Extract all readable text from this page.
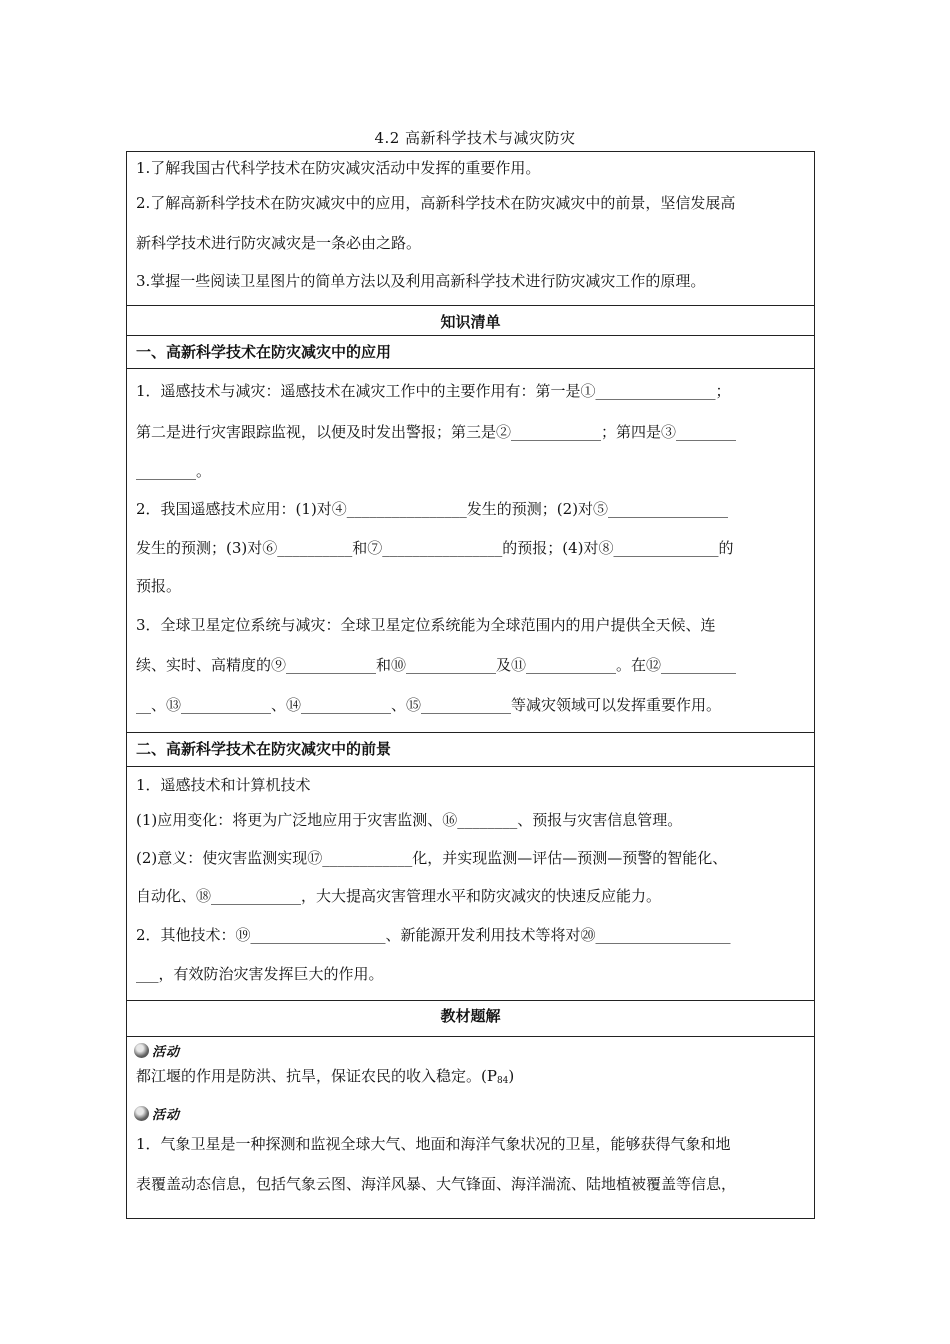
4.2 高新科学技术与减灾防灾
1.了解我国古代科学技术在防灾减灾活动中发挥的重要作用。
2.了解高新科学技术在防灾减灾中的应用，高新科学技术在防灾减灾中的前景，坚信发展高
新科学技术进行防灾减灾是一条必由之路。
3.掌握一些阅读卫星图片的简单方法以及利用高新科学技术进行防灾减灾工作的原理。
知识清单
一、高新科学技术在防灾减灾中的应用
1．遥感技术与减灾：遥感技术在减灾工作中的主要作用有：第一是①________________；
第二是进行灾害跟踪监视，以便及时发出警报；第三是②____________；第四是③________
________。
2．我国遥感技术应用：(1)对④________________发生的预测；(2)对⑤________________
发生的预测；(3)对⑥__________和⑦________________的预报；(4)对⑧______________的
预报。
3．全球卫星定位系统与减灾：全球卫星定位系统能为全球范围内的用户提供全天候、连
续、实时、高精度的⑨____________和⑩____________及⑪____________。在⑫__________
__、⑬____________、⑭____________、⑮____________等减灾领域可以发挥重要作用。
二、高新科学技术在防灾减灾中的前景
1．遥感技术和计算机技术
(1)应用变化：将更为广泛地应用于灾害监测、⑯________、预报与灾害信息管理。
(2)意义：使灾害监测实现⑰____________化，并实现监测—评估—预测—预警的智能化、
自动化、⑱____________，大大提高灾害管理水平和防灾减灾的快速反应能力。
2．其他技术：⑲__________________、新能源开发利用技术等将对⑳__________________
___，有效防治灾害发挥巨大的作用。
教材题解
活动
都江堰的作用是防洪、抗旱，保证农民的收入稳定。$(P_{84})$
活动
1．气象卫星是一种探测和监视全球大气、地面和海洋气象状况的卫星，能够获得气象和地
表覆盖动态信息，包括气象云图、海洋风暴、大气锋面、海洋湍流、陆地植被覆盖等信息，
